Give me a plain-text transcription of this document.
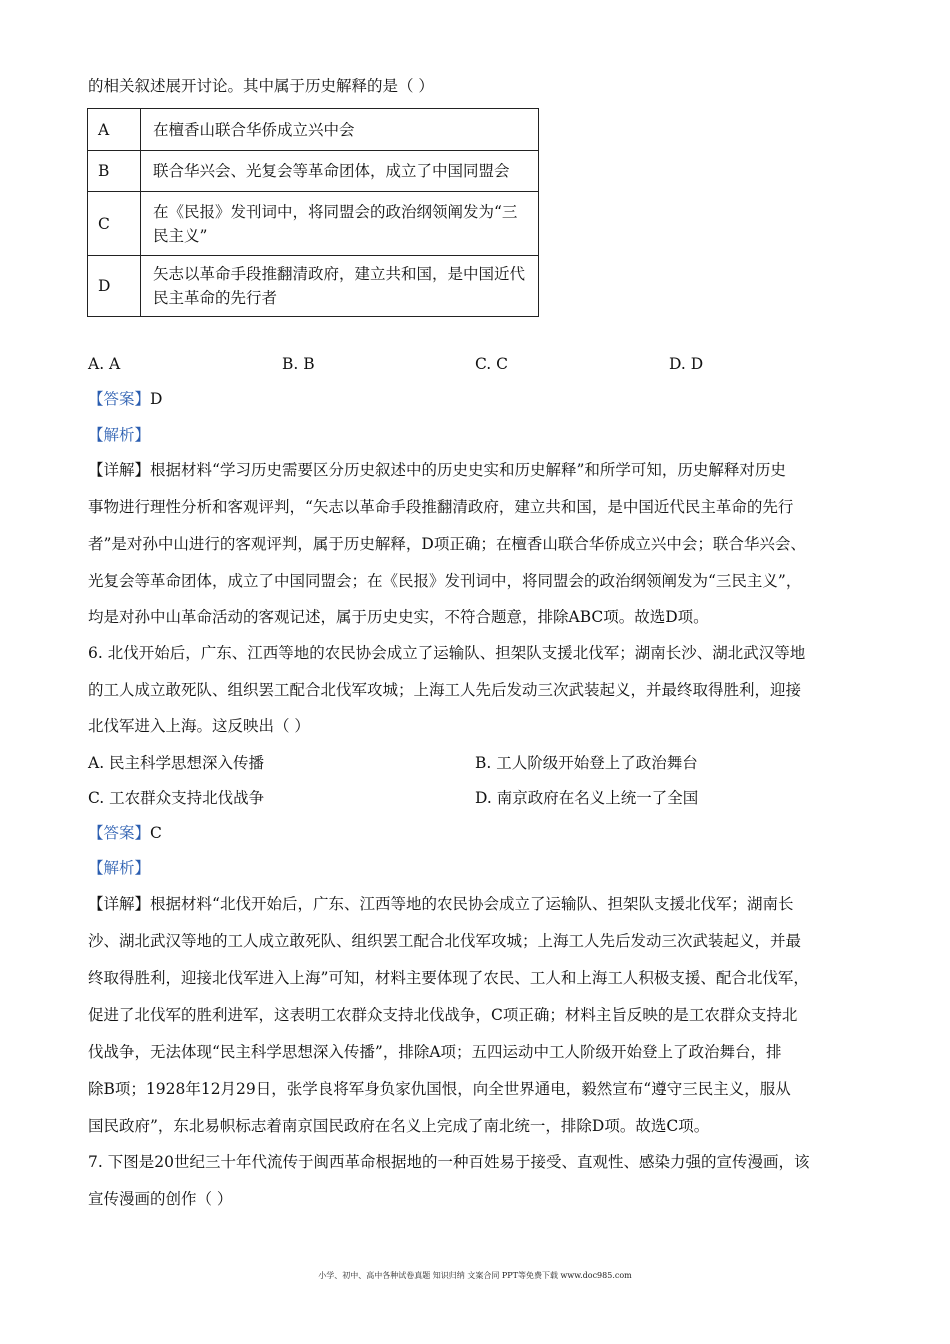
的相关叙述展开讨论。其中属于历史解释的是（ ）
A	在檀香山联合华侨成立兴中会
B	联合华兴会、光复会等革命团体，成立了中国同盟会
C	在《民报》发刊词中，将同盟会的政治纲领阐发为“三民主义”
D	矢志以革命手段推翻清政府，建立共和国，是中国近代民主革命的先行者
A. A	B. B	C. C	D. D
【答案】D
【解析】
【详解】根据材料“学习历史需要区分历史叙述中的历史史实和历史解释”和所学可知，历史解释对历史
事物进行理性分析和客观评判，“矢志以革命手段推翻清政府，建立共和国，是中国近代民主革命的先行
者”是对孙中山进行的客观评判，属于历史解释，D项正确；在檀香山联合华侨成立兴中会；联合华兴会、
光复会等革命团体，成立了中国同盟会；在《民报》发刊词中，将同盟会的政治纲领阐发为“三民主义”，
均是对孙中山革命活动的客观记述，属于历史史实，不符合题意，排除ABC项。故选D项。
6. 北伐开始后，广东、江西等地的农民协会成立了运输队、担架队支援北伐军；湖南长沙、湖北武汉等地
的工人成立敢死队、组织罢工配合北伐军攻城；上海工人先后发动三次武装起义，并最终取得胜利，迎接
北伐军进入上海。这反映出（ ）
A. 民主科学思想深入传播	B. 工人阶级开始登上了政治舞台
C. 工农群众支持北伐战争	D. 南京政府在名义上统一了全国
【答案】C
【解析】
【详解】根据材料“北伐开始后，广东、江西等地的农民协会成立了运输队、担架队支援北伐军；湖南长
沙、湖北武汉等地的工人成立敢死队、组织罢工配合北伐军攻城；上海工人先后发动三次武装起义，并最
终取得胜利，迎接北伐军进入上海”可知，材料主要体现了农民、工人和上海工人积极支援、配合北伐军，
促进了北伐军的胜利进军，这表明工农群众支持北伐战争，C项正确；材料主旨反映的是工农群众支持北
伐战争，无法体现“民主科学思想深入传播”，排除A项；五四运动中工人阶级开始登上了政治舞台，排
除B项；1928年12月29日，张学良将军身负家仇国恨，向全世界通电，毅然宣布“遵守三民主义，服从
国民政府”，东北易帜标志着南京国民政府在名义上完成了南北统一，排除D项。故选C项。
7. 下图是20世纪三十年代流传于闽西革命根据地的一种百姓易于接受、直观性、感染力强的宣传漫画，该
宣传漫画的创作（ ）
小学、初中、高中各种试卷真题 知识归纳 文案合同 PPT等免费下载 www.doc985.com
